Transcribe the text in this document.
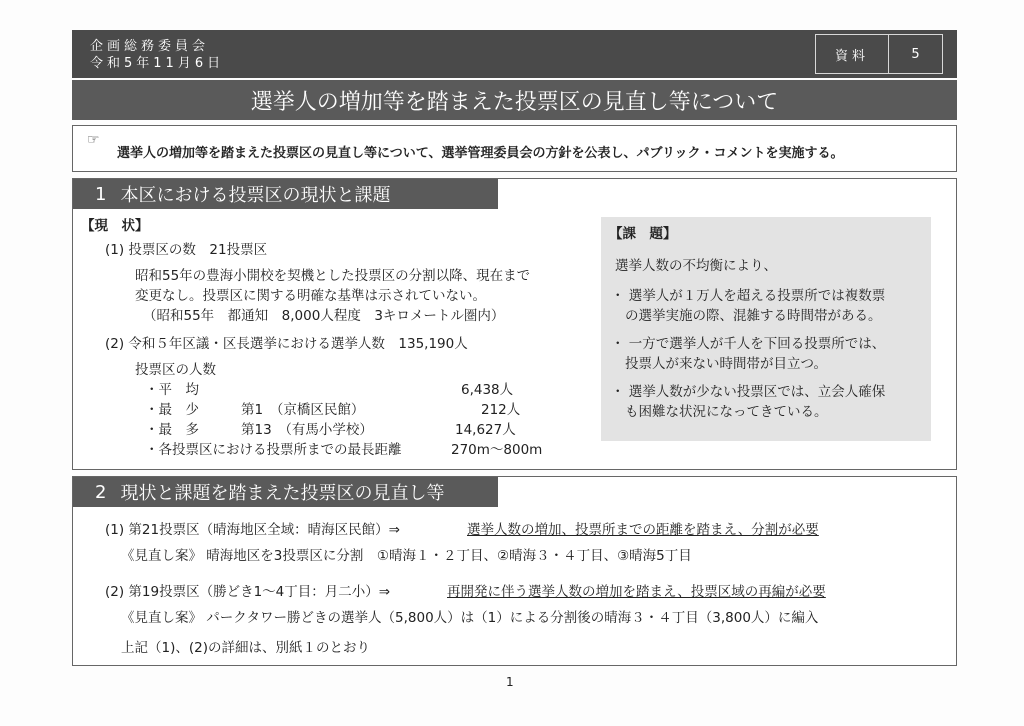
企画総務委員会
令和5年11月6日	資料	5
選挙人の増加等を踏まえた投票区の見直し等について
☞
選挙人の増加等を踏まえた投票区の見直し等について、選挙管理委員会の方針を公表し、パブリック・コメントを実施する。
1 本区における投票区の現状と課題
【現　状】
(1) 投票区の数　21投票区
昭和55年の豊海小開校を契機とした投票区の分割以降、現在まで
変更なし。投票区に関する明確な基準は示されていない。
（昭和55年　都通知　8,000人程度　3キロメートル圏内）
(2) 令和５年区議・区長選挙における選挙人数　135,190人
投票区の人数
・平　均	6,438人
・最　少	第1　（京橋区民館）	212人
・最　多	第13　（有馬小学校）	14,627人
・各投票区における投票所までの最長距離	270m～800m
【課　題】
選挙人数の不均衡により、
・ 選挙人が１万人を超える投票所では複数票
の選挙実施の際、混雑する時間帯がある。
・ 一方で選挙人が千人を下回る投票所では、
投票人が来ない時間帯が目立つ。
・ 選挙人数が少ない投票区では、立会人確保
も困難な状況になってきている。
2 現状と課題を踏まえた投票区の見直し等
(1) 第21投票区（晴海地区全域：晴海区民館）⇒	選挙人数の増加、投票所までの距離を踏まえ、分割が必要
《見直し案》 晴海地区を3投票区に分割　①晴海１・２丁目、②晴海３・４丁目、③晴海5丁目
(2) 第19投票区（勝どき1～4丁目：月二小）⇒	再開発に伴う選挙人数の増加を踏まえ、投票区域の再編が必要
《見直し案》 パークタワー勝どきの選挙人（5,800人）は（1）による分割後の晴海３・４丁目（3,800人）に編入
上記（1)、(2)の詳細は、別紙１のとおり
1
